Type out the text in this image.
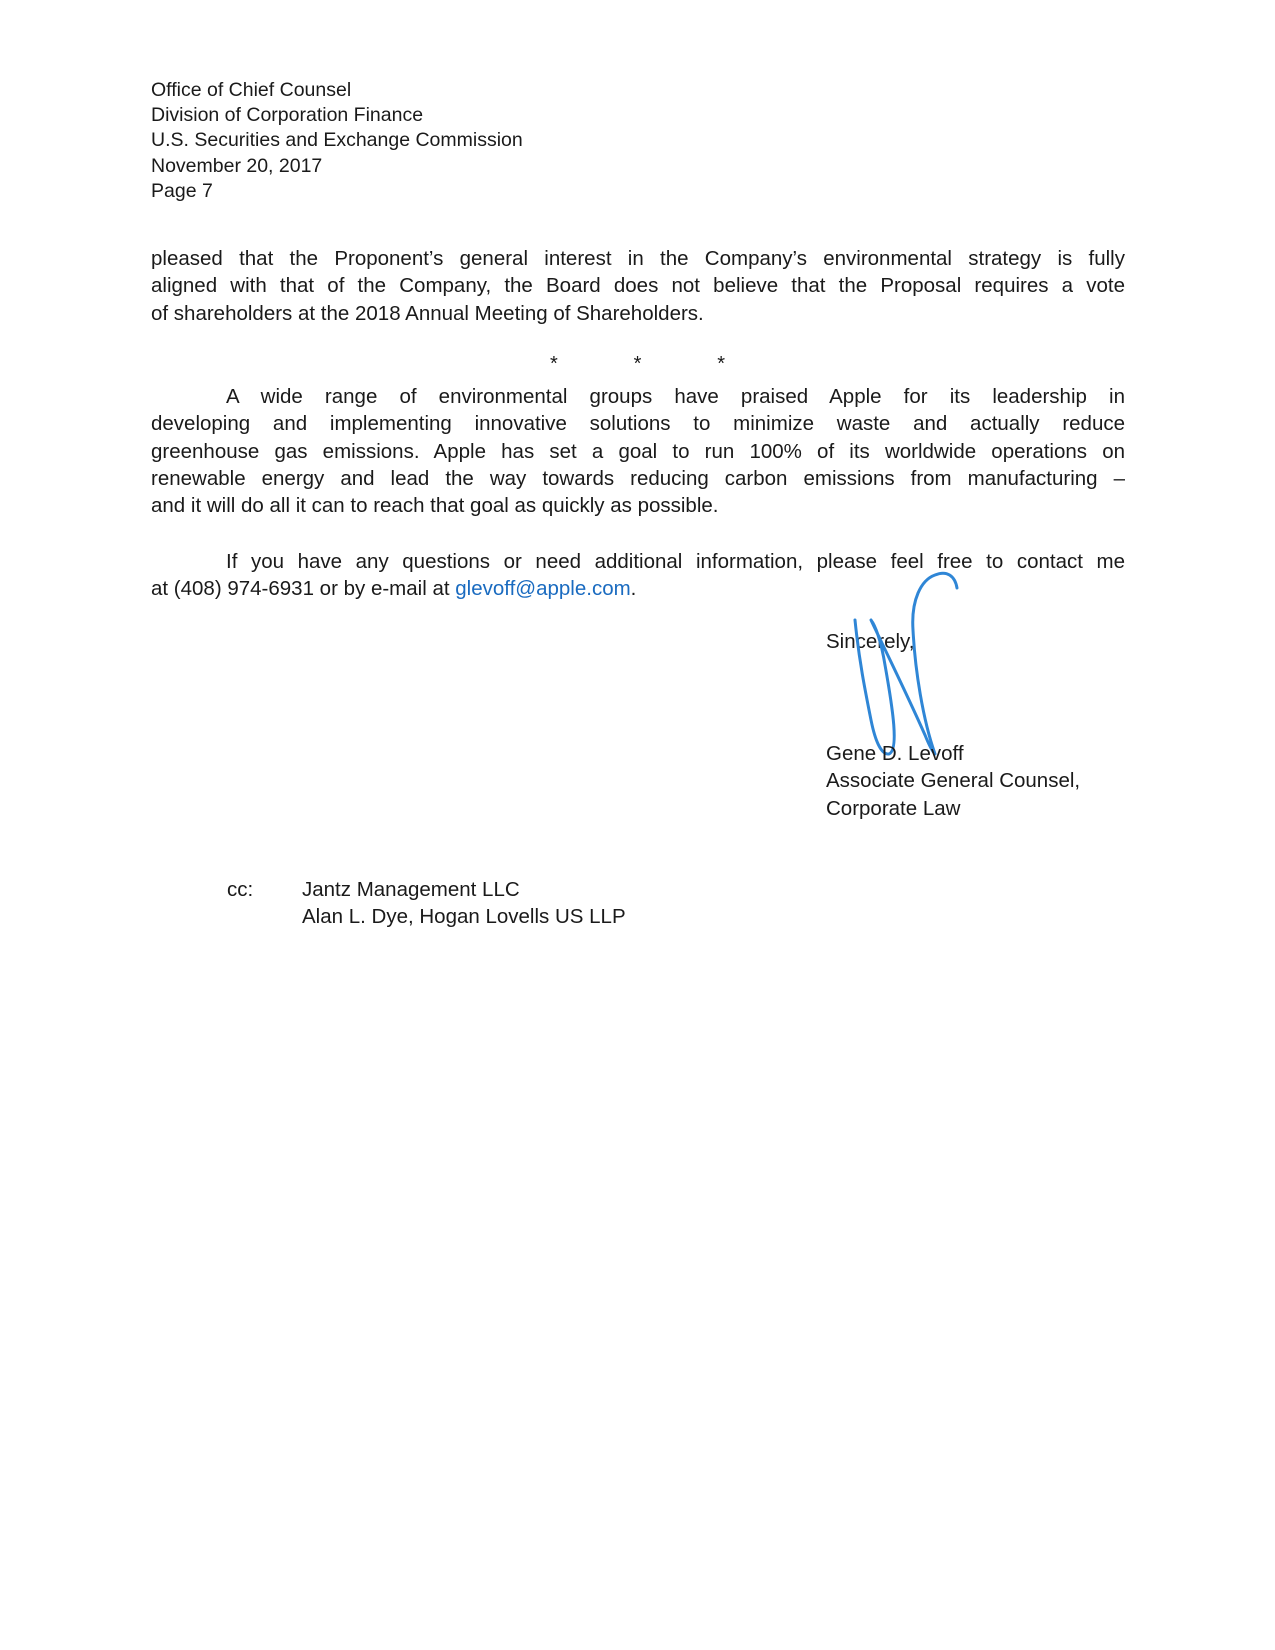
Office of Chief Counsel
Division of Corporation Finance
U.S. Securities and Exchange Commission
November 20, 2017
Page 7
pleased that the Proponent’s general interest in the Company’s environmental strategy is fully
aligned with that of the Company, the Board does not believe that the Proposal requires a vote
of shareholders at the 2018 Annual Meeting of Shareholders.
*	*	*
A wide range of environmental groups have praised Apple for its leadership in
developing and implementing innovative solutions to minimize waste and actually reduce
greenhouse gas emissions. Apple has set a goal to run 100% of its worldwide operations on
renewable energy and lead the way towards reducing carbon emissions from manufacturing –
and it will do all it can to reach that goal as quickly as possible.
If you have any questions or need additional information, please feel free to contact me
at (408) 974-6931 or by e-mail at glevoff@apple.com.
Sincerely,
Gene D. Levoff
Associate General Counsel,
Corporate Law
cc:	Jantz Management LLC
Alan L. Dye, Hogan Lovells US LLP
